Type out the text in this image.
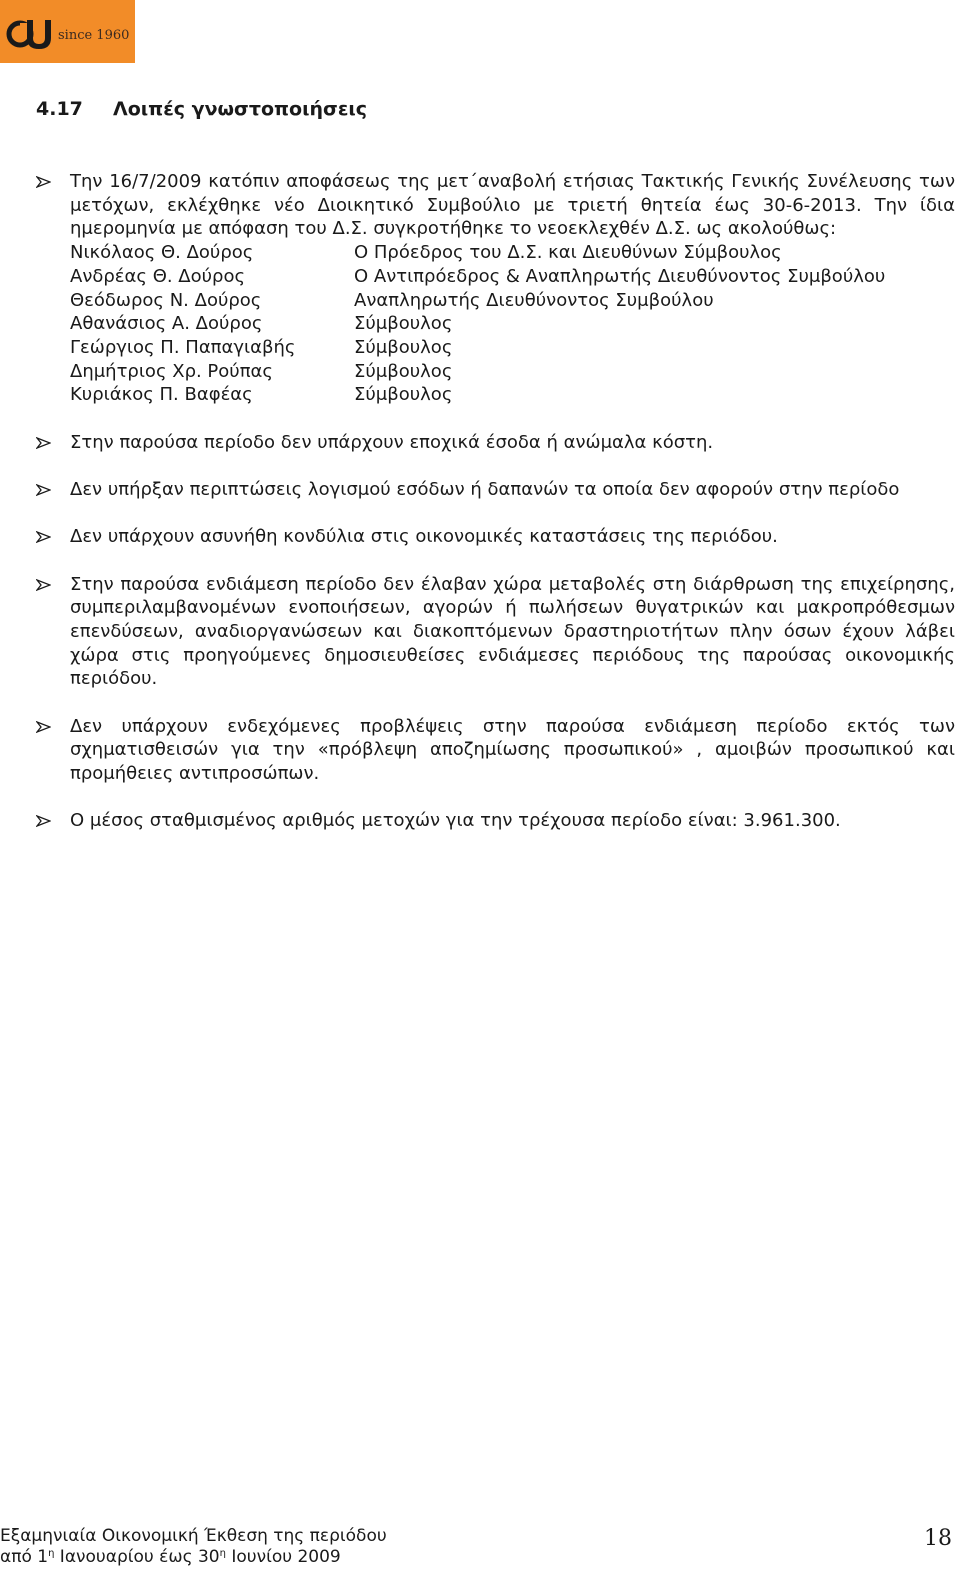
since 1960
4.17 Λοιπές γνωστοποιήσεις

Την 16/7/2009 κατόπιν αποφάσεως της μετ΄αναβολή ετήσιας Τακτικής Γενικής Συνέλευσης των μετόχων, εκλέχθηκε νέο Διοικητικό Συμβούλιο με τριετή θητεία έως 30-6-2013. Την ίδια ημερομηνία με απόφαση του Δ.Σ. συγκροτήθηκε το νεοεκλεχθέν Δ.Σ. ως ακολούθως:

Νικόλαος Θ. Δούρος	Ο Πρόεδρος του Δ.Σ. και Διευθύνων Σύμβουλος
Ανδρέας Θ. Δούρος	Ο Αντιπρόεδρος & Αναπληρωτής Διευθύνοντος Συμβούλου
Θεόδωρος Ν. Δούρος	Αναπληρωτής Διευθύνοντος Συμβούλου
Αθανάσιος Α. Δούρος	Σύμβουλος
Γεώργιος Π. Παπαγιαβής	Σύμβουλος
Δημήτριος Χρ. Ρούπας	Σύμβουλος
Κυριάκος Π. Βαφέας	Σύμβουλος

Στην παρούσα περίοδο δεν υπάρχουν εποχικά έσοδα ή ανώμαλα κόστη.

Δεν υπήρξαν περιπτώσεις λογισμού εσόδων ή δαπανών τα οποία δεν αφορούν στην περίοδο

Δεν υπάρχουν ασυνήθη κονδύλια στις οικονομικές καταστάσεις της περιόδου.

Στην παρούσα ενδιάμεση περίοδο δεν έλαβαν χώρα μεταβολές στη διάρθρωση της επιχείρησης, συμπεριλαμβανομένων ενοποιήσεων, αγορών ή πωλήσεων θυγατρικών και μακροπρόθεσμων επενδύσεων, αναδιοργανώσεων και διακοπτόμενων δραστηριοτήτων πλην όσων έχουν λάβει χώρα στις προηγούμενες δημοσιευθείσες ενδιάμεσες περιόδους της παρούσας οικονομικής περιόδου.

Δεν υπάρχουν ενδεχόμενες προβλέψεις στην παρούσα ενδιάμεση περίοδο εκτός των σχηματισθεισών για την «πρόβλεψη αποζημίωσης προσωπικού» , αμοιβών προσωπικού και προμήθειες αντιπροσώπων.

Ο μέσος σταθμισμένος αριθμός μετοχών για την τρέχουσα περίοδο είναι: 3.961.300.

Εξαμηνιαία Οικονομική Έκθεση της περιόδου
από $1^\eta$ Ιανουαρίου έως $30^\eta$ Ιουνίου 2009
18
